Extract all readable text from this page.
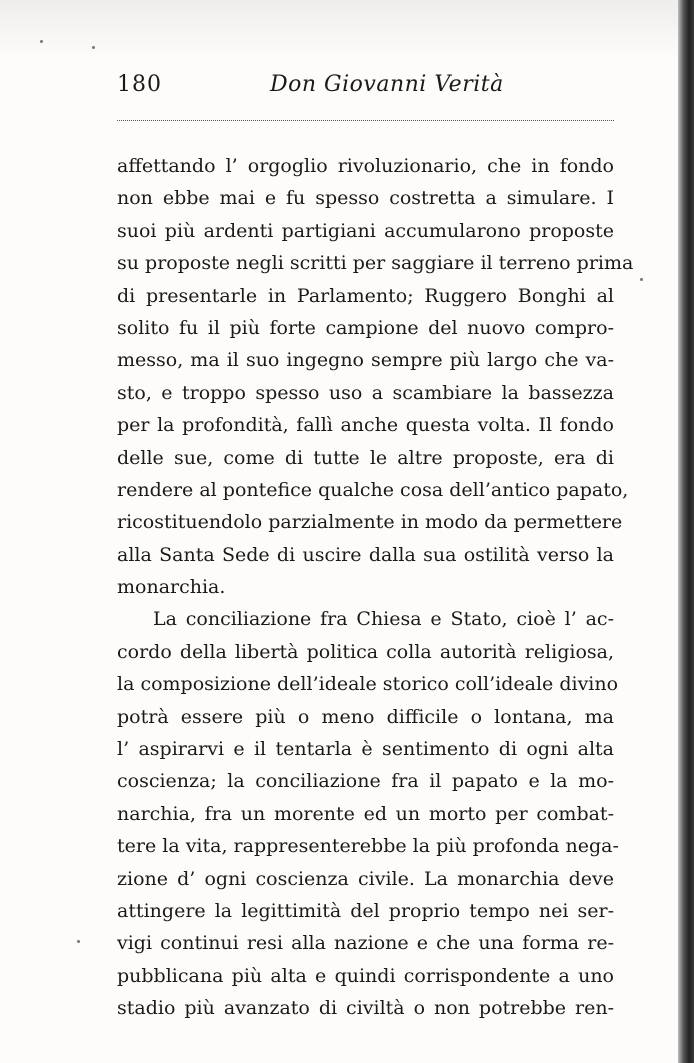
180	Don Giovanni Verità
affettando l’ orgoglio rivoluzionario, che in fondo
non ebbe mai e fu spesso costretta a simulare. I
suoi più ardenti partigiani accumularono proposte
su proposte negli scritti per saggiare il terreno prima
di presentarle in Parlamento; Ruggero Bonghi al
solito fu il più forte campione del nuovo compro-
messo, ma il suo ingegno sempre più largo che va-
sto, e troppo spesso uso a scambiare la bassezza
per la profondità, fallì anche questa volta. Il fondo
delle sue, come di tutte le altre proposte, era di
rendere al pontefice qualche cosa dell’antico papato,
ricostituendolo parzialmente in modo da permettere
alla Santa Sede di uscire dalla sua ostilità verso la
monarchia.
La conciliazione fra Chiesa e Stato, cioè l’ ac-
cordo della libertà politica colla autorità religiosa,
la composizione dell’ideale storico coll’ideale divino
potrà essere più o meno difficile o lontana, ma
l’ aspirarvi e il tentarla è sentimento di ogni alta
coscienza; la conciliazione fra il papato e la mo-
narchia, fra un morente ed un morto per combat-
tere la vita, rappresenterebbe la più profonda nega-
zione d’ ogni coscienza civile. La monarchia deve
attingere la legittimità del proprio tempo nei ser-
vigi continui resi alla nazione e che una forma re-
pubblicana più alta e quindi corrispondente a uno
stadio più avanzato di civiltà o non potrebbe ren-
